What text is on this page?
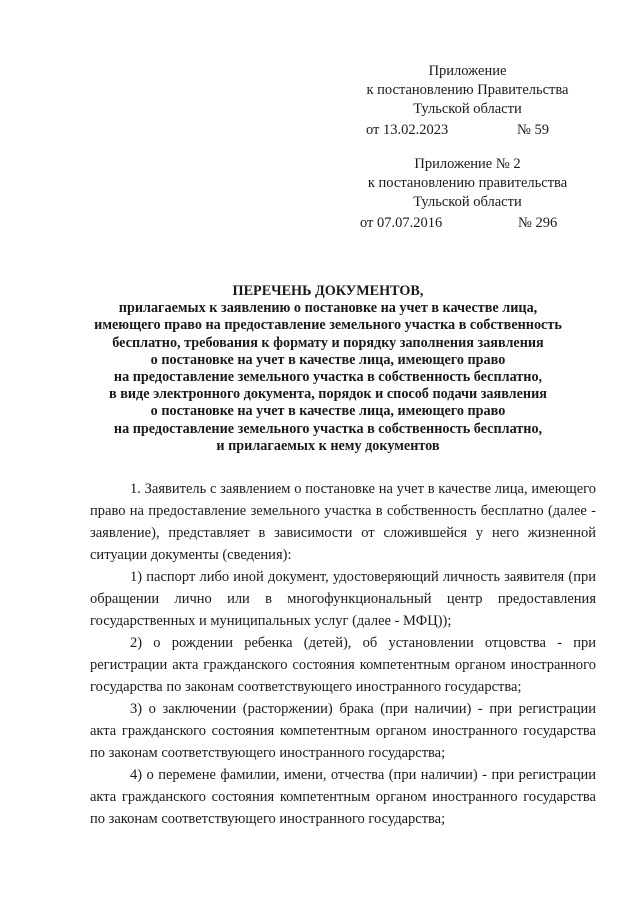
Приложение
к постановлению Правительства
Тульской области
от 13.02.2023	№ 59
Приложение № 2
к постановлению правительства
Тульской области
от 07.07.2016	№ 296
ПЕРЕЧЕНЬ ДОКУМЕНТОВ,
прилагаемых к заявлению о постановке на учет в качестве лица,
имеющего право на предоставление земельного участка в собственность
бесплатно, требования к формату и порядку заполнения заявления
о постановке на учет в качестве лица, имеющего право
на предоставление земельного участка в собственность бесплатно,
в виде электронного документа, порядок и способ подачи заявления
о постановке на учет в качестве лица, имеющего право
на предоставление земельного участка в собственность бесплатно,
и прилагаемых к нему документов

1. Заявитель с заявлением о постановке на учет в качестве лица, имеющего право на предоставление земельного участка в собственность бесплатно (далее - заявление), представляет в зависимости от сложившейся у него жизненной ситуации документы (сведения):

1) паспорт либо иной документ, удостоверяющий личность заявителя (при обращении лично или в многофункциональный центр предоставления государственных и муниципальных услуг (далее - МФЦ));

2) о рождении ребенка (детей), об установлении отцовства - при регистрации акта гражданского состояния компетентным органом иностранного государства по законам соответствующего иностранного государства;

3) о заключении (расторжении) брака (при наличии) - при регистрации акта гражданского состояния компетентным органом иностранного государства по законам соответствующего иностранного государства;

4) о перемене фамилии, имени, отчества (при наличии) - при регистрации акта гражданского состояния компетентным органом иностранного государства по законам соответствующего иностранного государства;
